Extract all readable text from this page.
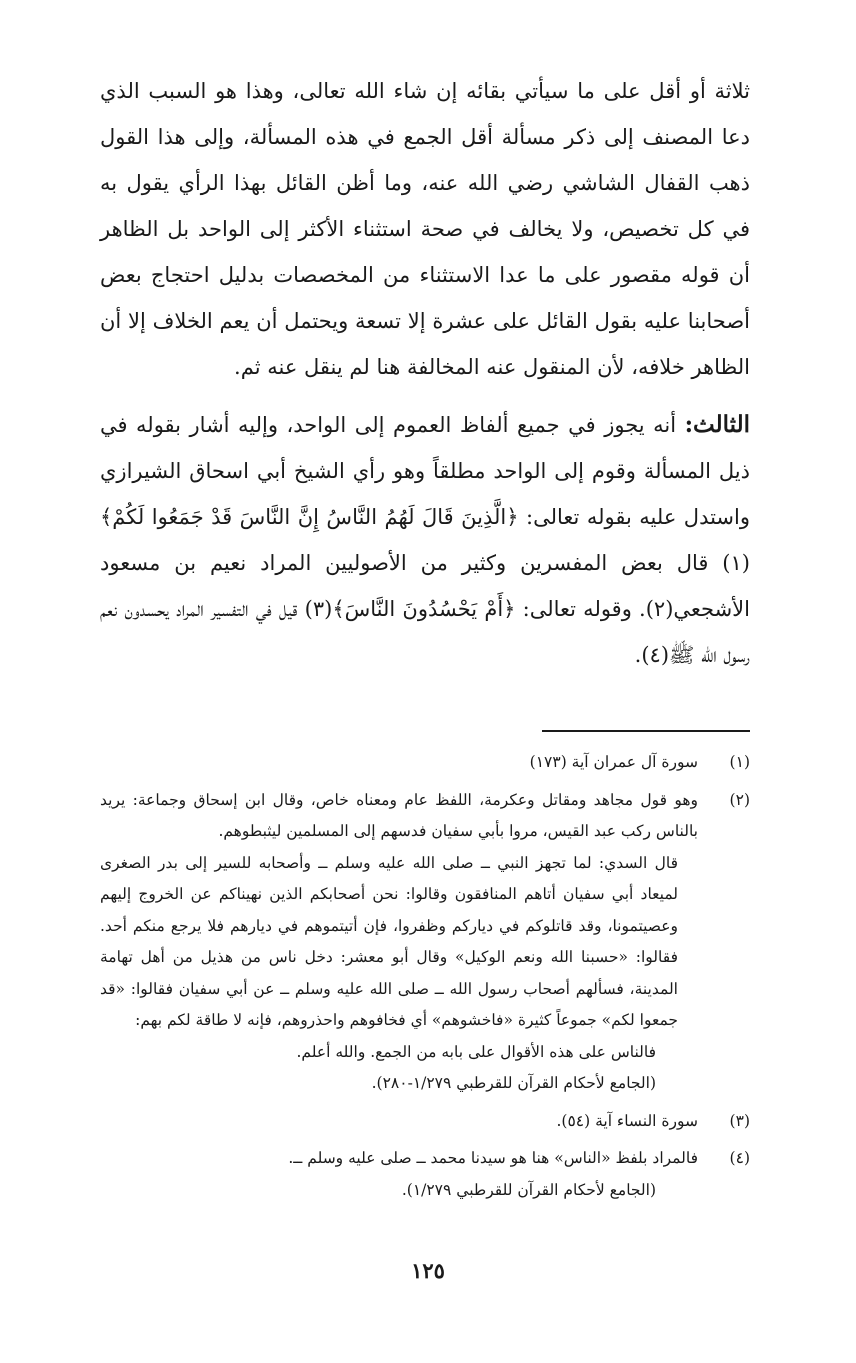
ثلاثة أو أقل على ما سيأتي بقائه إن شاء الله تعالى، وهذا هو السبب الذي دعا المصنف إلى ذكر مسألة أقل الجمع في هذه المسألة، وإلى هذا القول ذهب القفال الشاشي رضي الله عنه، وما أظن القائل بهذا الرأي يقول به في كل تخصيص، ولا يخالف في صحة استثناء الأكثر إلى الواحد بل الظاهر أن قوله مقصور على ما عدا الاستثناء من المخصصات بدليل احتجاج بعض أصحابنا عليه بقول القائل على عشرة إلا تسعة ويحتمل أن يعم الخلاف إلا أن الظاهر خلافه، لأن المنقول عنه المخالفة هنا لم ينقل عنه ثم.

الثالث: أنه يجوز في جميع ألفاظ العموم إلى الواحد، وإليه أشار بقوله في ذيل المسألة وقوم إلى الواحد مطلقاً وهو رأي الشيخ أبي اسحاق الشيرازي واستدل عليه بقوله تعالى: ﴿الَّذِينَ قَالَ لَهُمُ النَّاسُ إِنَّ النَّاسَ قَدْ جَمَعُوا لَكُمْ﴾(١) قال بعض المفسرين وكثير من الأصوليين المراد نعيم بن مسعود الأشجعي(٢). وقوله تعالى: ﴿أَمْ يَحْسُدُونَ النَّاسَ﴾(٣) قيل في التفسير المراد يحسدون نعم رسول الله ﷺ(٤).

(١)
سورة آل عمران آية (١٧٣)
(٢)
وهو قول مجاهد ومقاتل وعكرمة، اللفظ عام ومعناه خاص، وقال ابن إسحاق وجماعة: يريد بالناس ركب عبد القيس، مروا بأبي سفيان فدسهم إلى المسلمين ليثبطوهم.
قال السدي: لما تجهز النبي ــ صلى الله عليه وسلم ــ وأصحابه للسير إلى بدر الصغرى لميعاد أبي سفيان أتاهم المنافقون وقالوا: نحن أصحابكم الذين نهيناكم عن الخروج إليهم وعصيتمونا، وقد قاتلوكم في دياركم وظفروا، فإن أتيتموهم في ديارهم فلا يرجع منكم أحد. فقالوا: «حسبنا الله ونعم الوكيل» وقال أبو معشر: دخل ناس من هذيل من أهل تهامة المدينة، فسألهم أصحاب رسول الله ــ صلى الله عليه وسلم ــ عن أبي سفيان فقالوا: «قد جمعوا لكم» جموعاً كثيرة «فاخشوهم» أي فخافوهم واحذروهم، فإنه لا طاقة لكم بهم:
فالناس على هذه الأقوال على بابه من الجمع. والله أعلم.
(الجامع لأحكام القرآن للقرطبي ١/٢٧٩-٢٨٠).
(٣)
سورة النساء آية (٥٤).
(٤)
فالمراد بلفظ «الناس» هنا هو سيدنا محمد ــ صلى عليه وسلم ــ.
(الجامع لأحكام القرآن للقرطبي ١/٢٧٩).
١٢٥
